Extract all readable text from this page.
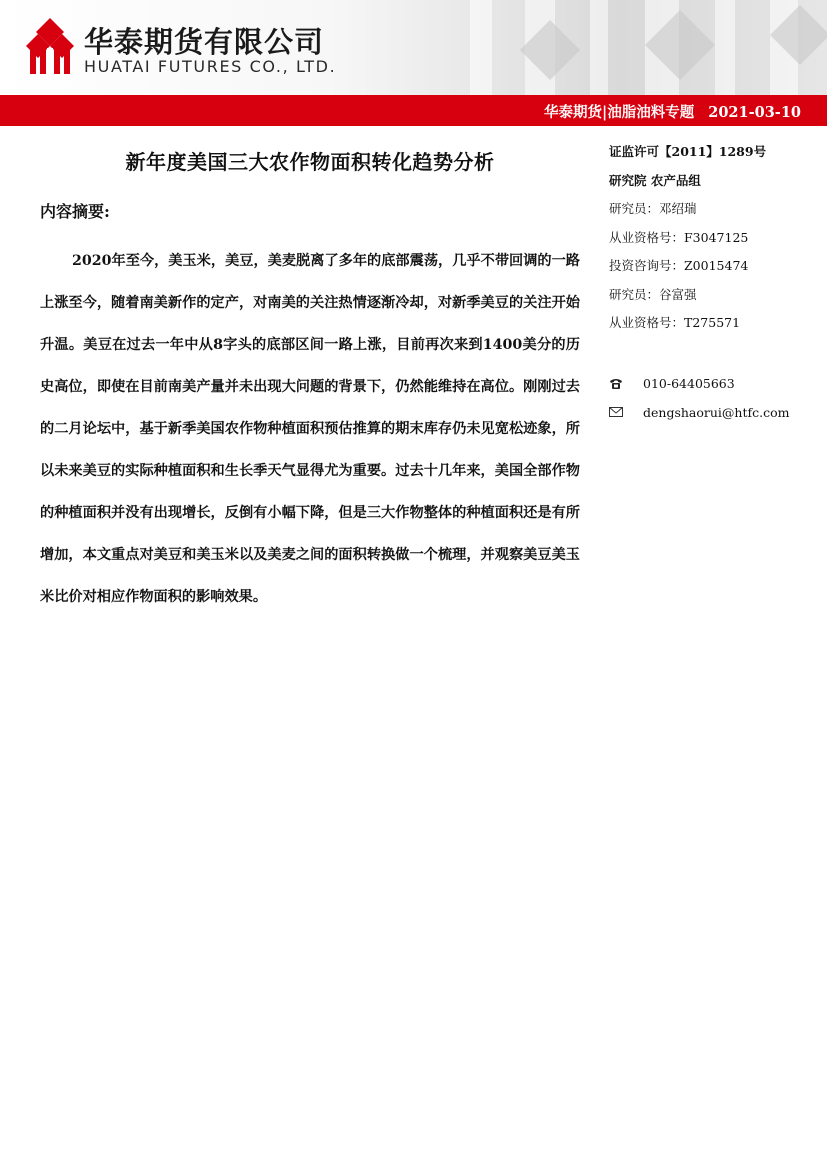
华泰期货有限公司
HUATAI FUTURES CO., LTD.
华泰期货|油脂油料专题 2021-03-10
新年度美国三大农作物面积转化趋势分析
内容摘要:
2020年至今，美玉米，美豆，美麦脱离了多年的底部震荡，几乎不带回调的一路上涨至今，随着南美新作的定产，对南美的关注热情逐渐冷却，对新季美豆的关注开始升温。美豆在过去一年中从8字头的底部区间一路上涨，目前再次来到1400美分的历史高位，即使在目前南美产量并未出现大问题的背景下，仍然能维持在高位。刚刚过去的二月论坛中，基于新季美国农作物种植面积预估推算的期末库存仍未见宽松迹象，所以未来美豆的实际种植面积和生长季天气显得尤为重要。过去十几年来，美国全部作物的种植面积并没有出现增长，反倒有小幅下降，但是三大作物整体的种植面积还是有所增加，本文重点对美豆和美玉米以及美麦之间的面积转换做一个梳理，并观察美豆美玉米比价对相应作物面积的影响效果。
证监许可【2011】1289号
研究院 农产品组
研究员：邓绍瑞
从业资格号：F3047125
投资咨询号：Z0015474
研究员：谷富强
从业资格号：T275571
010-64405663
dengshaorui@htfc.com
